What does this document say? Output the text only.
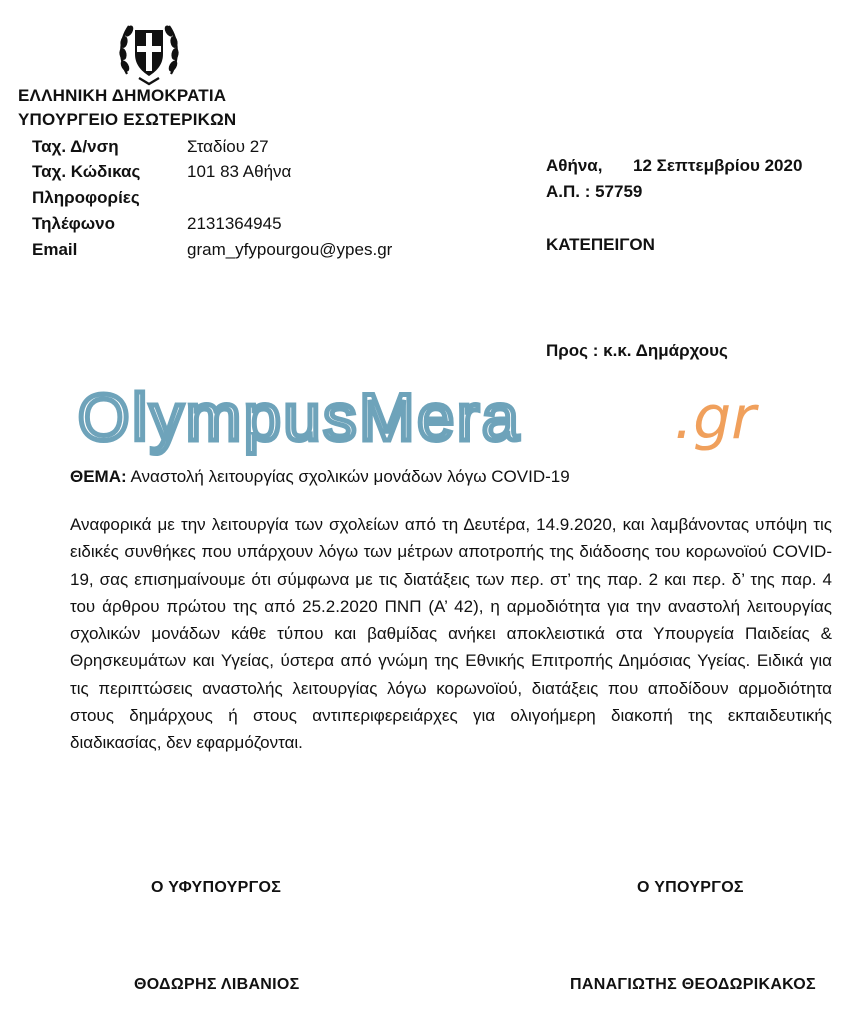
ΕΛΛΗΝΙΚΗ ΔΗΜΟΚΡΑΤΙΑ
ΥΠΟΥΡΓΕΙΟ ΕΣΩΤΕΡΙΚΩΝ
Ταχ. Δ/νση	Σταδίου 27
Ταχ. Κώδικας	101 83 Αθήνα
Πληροφορίες
Τηλέφωνο	2131364945
Email	gram_yfypourgou@ypes.gr
Αθήνα, 12 Σεπτεμβρίου 2020
Α.Π. : 57759
ΚΑΤΕΠΕΙΓΟΝ
Προς : κ.κ. Δημάρχους
OlympusMera	.gr
ΘΕΜΑ: Αναστολή λειτουργίας σχολικών μονάδων λόγω COVID-19
Αναφορικά με την λειτουργία των σχολείων από τη Δευτέρα, 14.9.2020, και λαμβάνοντας υπόψη τις ειδικές συνθήκες που υπάρχουν λόγω των μέτρων αποτροπής της διάδοσης του κορωνοϊού COVID-19, σας επισημαίνουμε ότι σύμφωνα με τις διατάξεις των περ. στ’ της παρ. 2 και περ. δ’ της παρ. 4 του άρθρου πρώτου της από 25.2.2020 ΠΝΠ (Α’ 42), η αρμοδιότητα για την αναστολή λειτουργίας σχολικών μονάδων κάθε τύπου και βαθμίδας ανήκει αποκλειστικά στα Υπουργεία Παιδείας & Θρησκευμάτων και Υγείας, ύστερα από γνώμη της Εθνικής Επιτροπής Δημόσιας Υγείας. Ειδικά για τις περιπτώσεις αναστολής λειτουργίας λόγω κορωνοϊού, διατάξεις που αποδίδουν αρμοδιότητα στους δημάρχους ή στους αντιπεριφερειάρχες για ολιγοήμερη διακοπή της εκπαιδευτικής διαδικασίας, δεν εφαρμόζονται.
Ο ΥΦΥΠΟΥΡΓΟΣ	Ο ΥΠΟΥΡΓΟΣ
ΘΟΔΩΡΗΣ ΛΙΒΑΝΙΟΣ	ΠΑΝΑΓΙΩΤΗΣ ΘΕΟΔΩΡΙΚΑΚΟΣ
